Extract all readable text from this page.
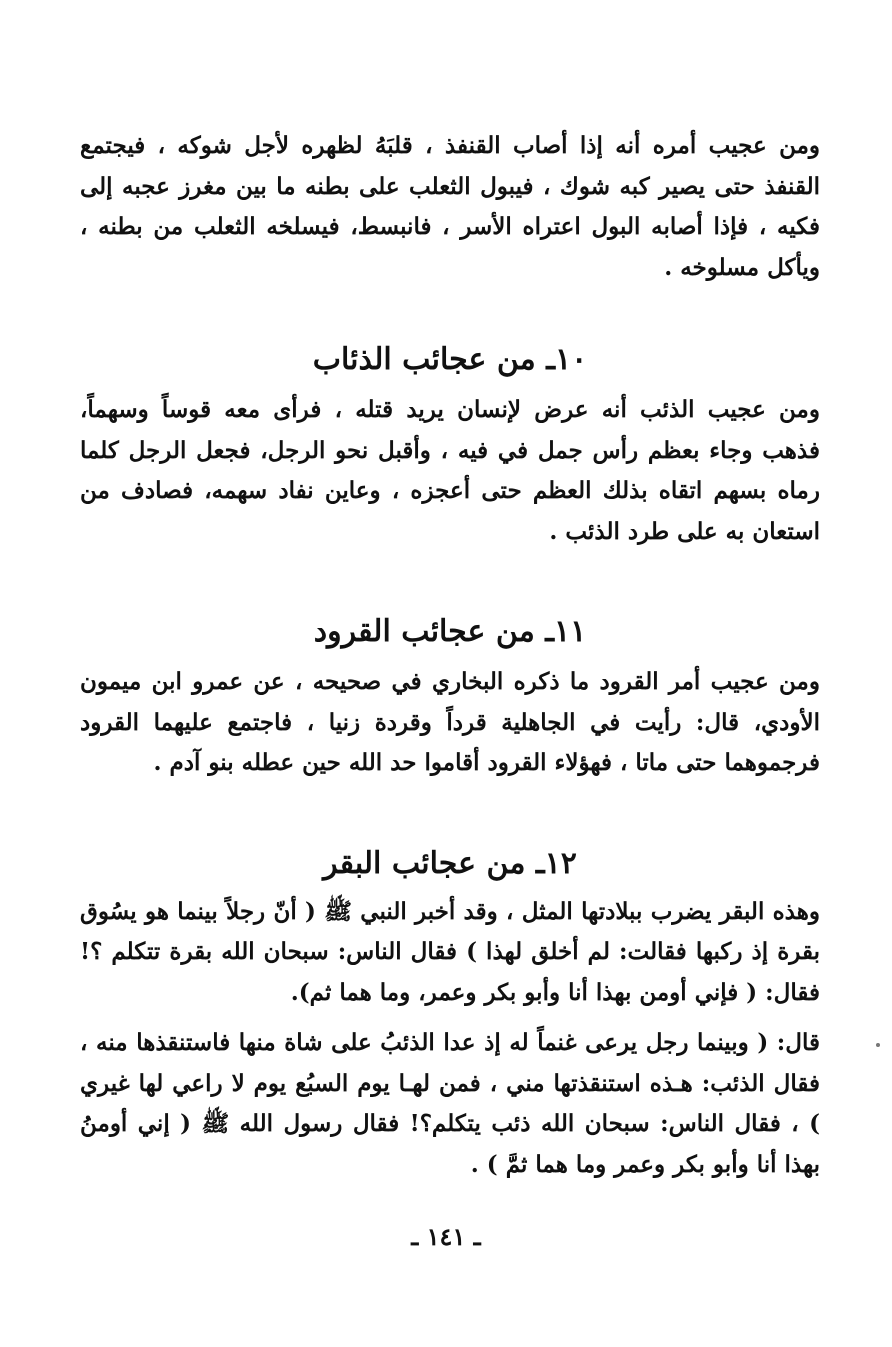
ومن عجيب أمره أنه إذا أصاب القنفذ ، قلبَهُ لظهره لأجل شوكه ، فيجتمع القنفذ حتى يصير كبه شوك ، فيبول الثعلب على بطنه ما بين مغرز عجبه إلى فكيه ، فإذا أصابه البول اعتراه الأسر ، فانبسط، فيسلخه الثعلب من بطنه ، ويأكل مسلوخه .

١٠ـ من عجائب الذئاب

ومن عجيب الذئب أنه عرض لإنسان يريد قتله ، فرأى معه قوساً وسهماً، فذهب وجاء بعظم رأس جمل في فيه ، وأقبل نحو الرجل، فجعل الرجل كلما رماه بسهم اتقاه بذلك العظم حتى أعجزه ، وعاين نفاد سهمه، فصادف من استعان به على طرد الذئب .

١١ـ من عجائب القرود

ومن عجيب أمر القرود ما ذكره البخاري في صحيحه ، عن عمرو ابن ميمون الأودي، قال: رأيت في الجاهلية قرداً وقردة زنيا ، فاجتمع عليهما القرود فرجموهما حتى ماتا ، فهؤلاء القرود أقاموا حد الله حين عطله بنو آدم .

١٢ـ من عجائب البقر

وهذه البقر يضرب ببلادتها المثل ، وقد أخبر النبي ﷺ ( أنّ رجلاً بينما هو يسُوق بقرة إذ ركبها فقالت: لم أخلق لهذا ) فقال الناس: سبحان الله بقرة تتكلم ؟! فقال: ( فإني أومن بهذا أنا وأبو بكر وعمر، وما هما ثم).

قال: ( وبينما رجل يرعى غنماً له إذ عدا الذئبُ على شاة منها فاستنقذها منه ، فقال الذئب: هـذه استنقذتها مني ، فمن لهـا يوم السبُع يوم لا راعي لها غيري ) ، فقال الناس: سبحان الله ذئب يتكلم؟! فقال رسول الله ﷺ ( إني أومنُ بهذا أنا وأبو بكر وعمر وما هما ثمَّ ) .

ـ ١٤١ ـ
